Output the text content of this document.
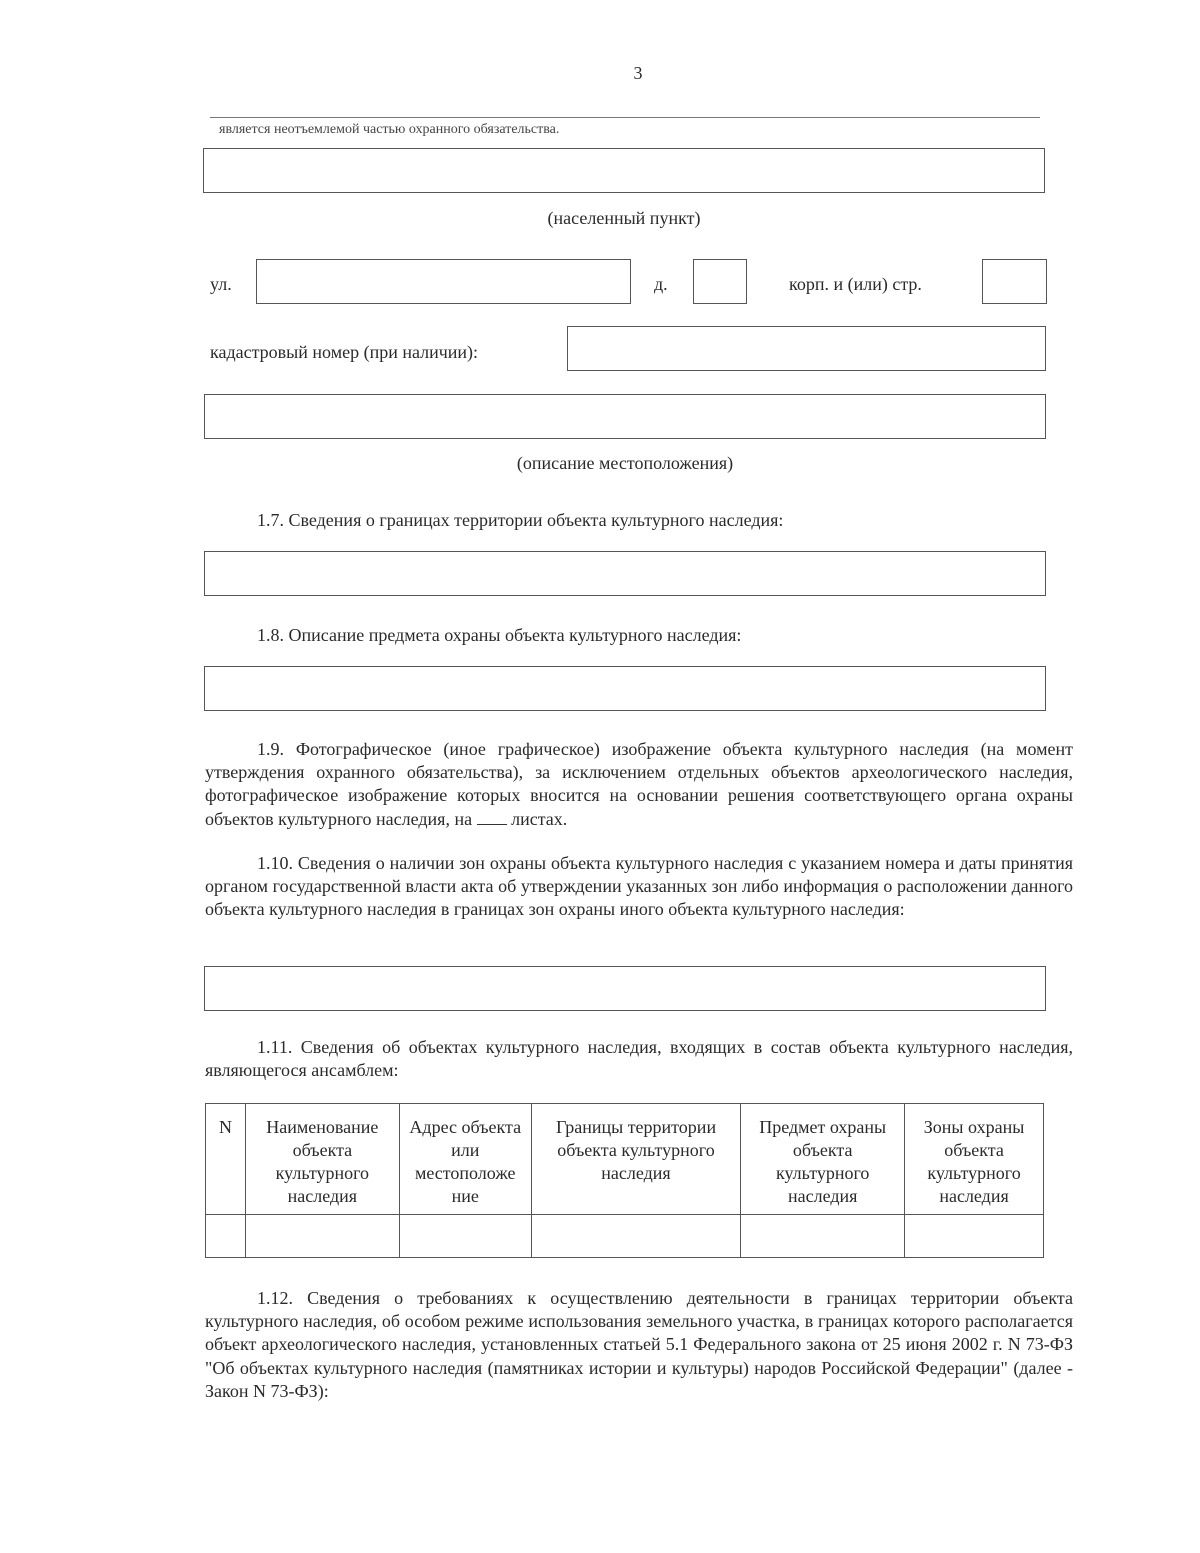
3
является неотъемлемой частью охранного обязательства.
(населенный пункт)
ул.	д.	корп. и (или) стр.
кадастровый номер (при наличии):
(описание местоположения)
1.7. Сведения о границах территории объекта культурного наследия:
1.8. Описание предмета охраны объекта культурного наследия:
1.9. Фотографическое (иное графическое) изображение объекта культурного наследия (на момент утверждения охранного обязательства), за исключением отдельных объектов археологического наследия, фотографическое изображение которых вносится на основании решения соответствующего органа охраны объектов культурного наследия, на листах.
1.10. Сведения о наличии зон охраны объекта культурного наследия с указанием номера и даты принятия органом государственной власти акта об утверждении указанных зон либо информация о расположении данного объекта культурного наследия в границах зон охраны иного объекта культурного наследия:
1.11. Сведения об объектах культурного наследия, входящих в состав объекта культурного наследия, являющегося ансамблем:
N	Наименование объекта культурного наследия	Адрес объекта или местоположе ние	Границы территории объекта культурного наследия	Предмет охраны объекта культурного наследия	Зоны охраны объекта культурного наследия

1.12. Сведения о требованиях к осуществлению деятельности в границах территории объекта культурного наследия, об особом режиме использования земельного участка, в границах которого располагается объект археологического наследия, установленных статьей 5.1 Федерального закона от 25 июня 2002 г. N 73-ФЗ "Об объектах культурного наследия (памятниках истории и культуры) народов Российской Федерации" (далее - Закон N 73-ФЗ):
